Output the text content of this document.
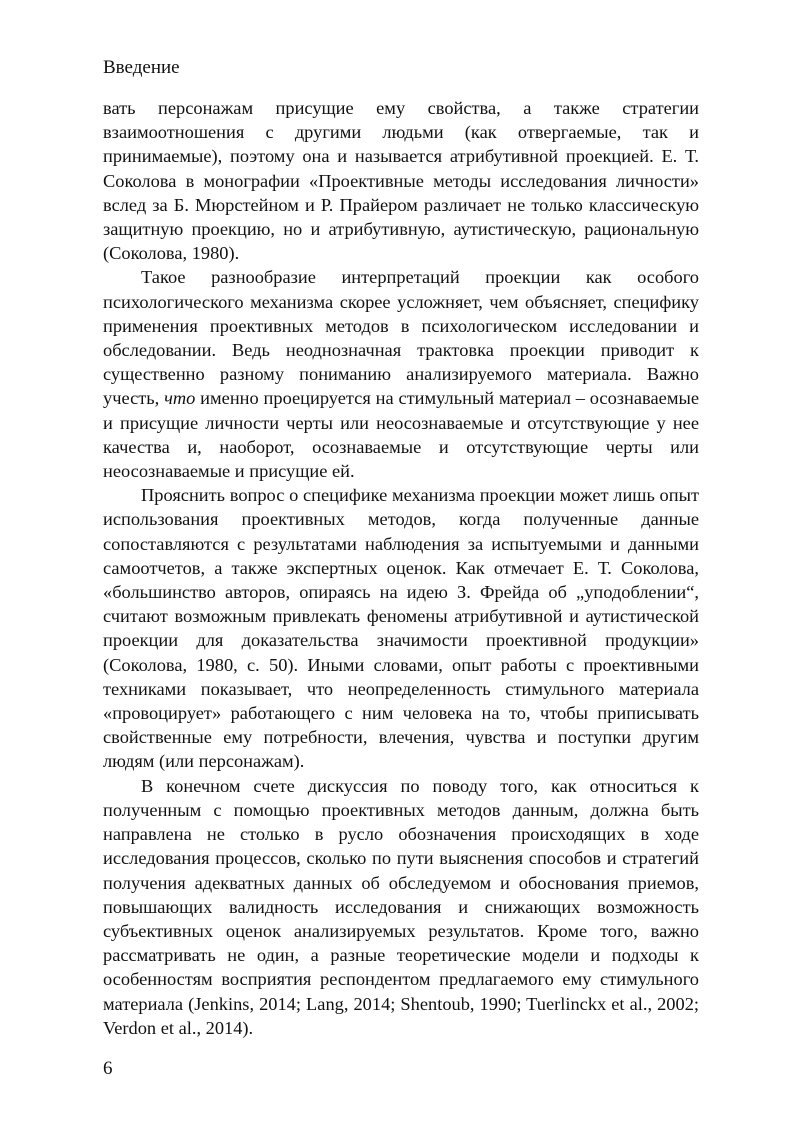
Введение

вать персонажам присущие ему свойства, а также стратегии взаимоотношения с другими людьми (как отвергаемые, так и принимаемые), поэтому она и называется атрибутивной проекцией. Е. Т. Соколова в монографии «Проективные методы исследования личности» вслед за Б. Мюрстейном и Р. Прайером различает не только классическую защитную проекцию, но и атрибутивную, аутистическую, рациональную (Соколова, 1980).

Такое разнообразие интерпретаций проекции как особого психологического механизма скорее усложняет, чем объясняет, специфику применения проективных методов в психологическом исследовании и обследовании. Ведь неоднозначная трактовка проекции приводит к существенно разному пониманию анализируемого материала. Важно учесть, что именно проецируется на стимульный материал – осознаваемые и присущие личности черты или неосознаваемые и отсутствующие у нее качества и, наоборот, осознаваемые и отсутствующие черты или неосознаваемые и присущие ей.

Прояснить вопрос о специфике механизма проекции может лишь опыт использования проективных методов, когда полученные данные сопоставляются с результатами наблюдения за испытуемыми и данными самоотчетов, а также экспертных оценок. Как отмечает Е. Т. Соколова, «большинство авторов, опираясь на идею З. Фрейда об „уподоблении“, считают возможным привлекать феномены атрибутивной и аутистической проекции для доказательства значимости проективной продукции» (Соколова, 1980, с. 50). Иными словами, опыт работы с проективными техниками показывает, что неопределенность стимульного материала «провоцирует» работающего с ним человека на то, чтобы приписывать свойственные ему потребности, влечения, чувства и поступки другим людям (или персонажам).

В конечном счете дискуссия по поводу того, как относиться к полученным с помощью проективных методов данным, должна быть направлена не столько в русло обозначения происходящих в ходе исследования процессов, сколько по пути выяснения способов и стратегий получения адекватных данных об обследуемом и обоснования приемов, повышающих валидность исследования и снижающих возможность субъективных оценок анализируемых результатов. Кроме того, важно рассматривать не один, а разные теоретические модели и подходы к особенностям восприятия респондентом предлагаемого ему стимульного материала (Jenkins, 2014; Lang, 2014; Shentoub, 1990; Tuerlinckx et al., 2002; Verdon et al., 2014).

6
